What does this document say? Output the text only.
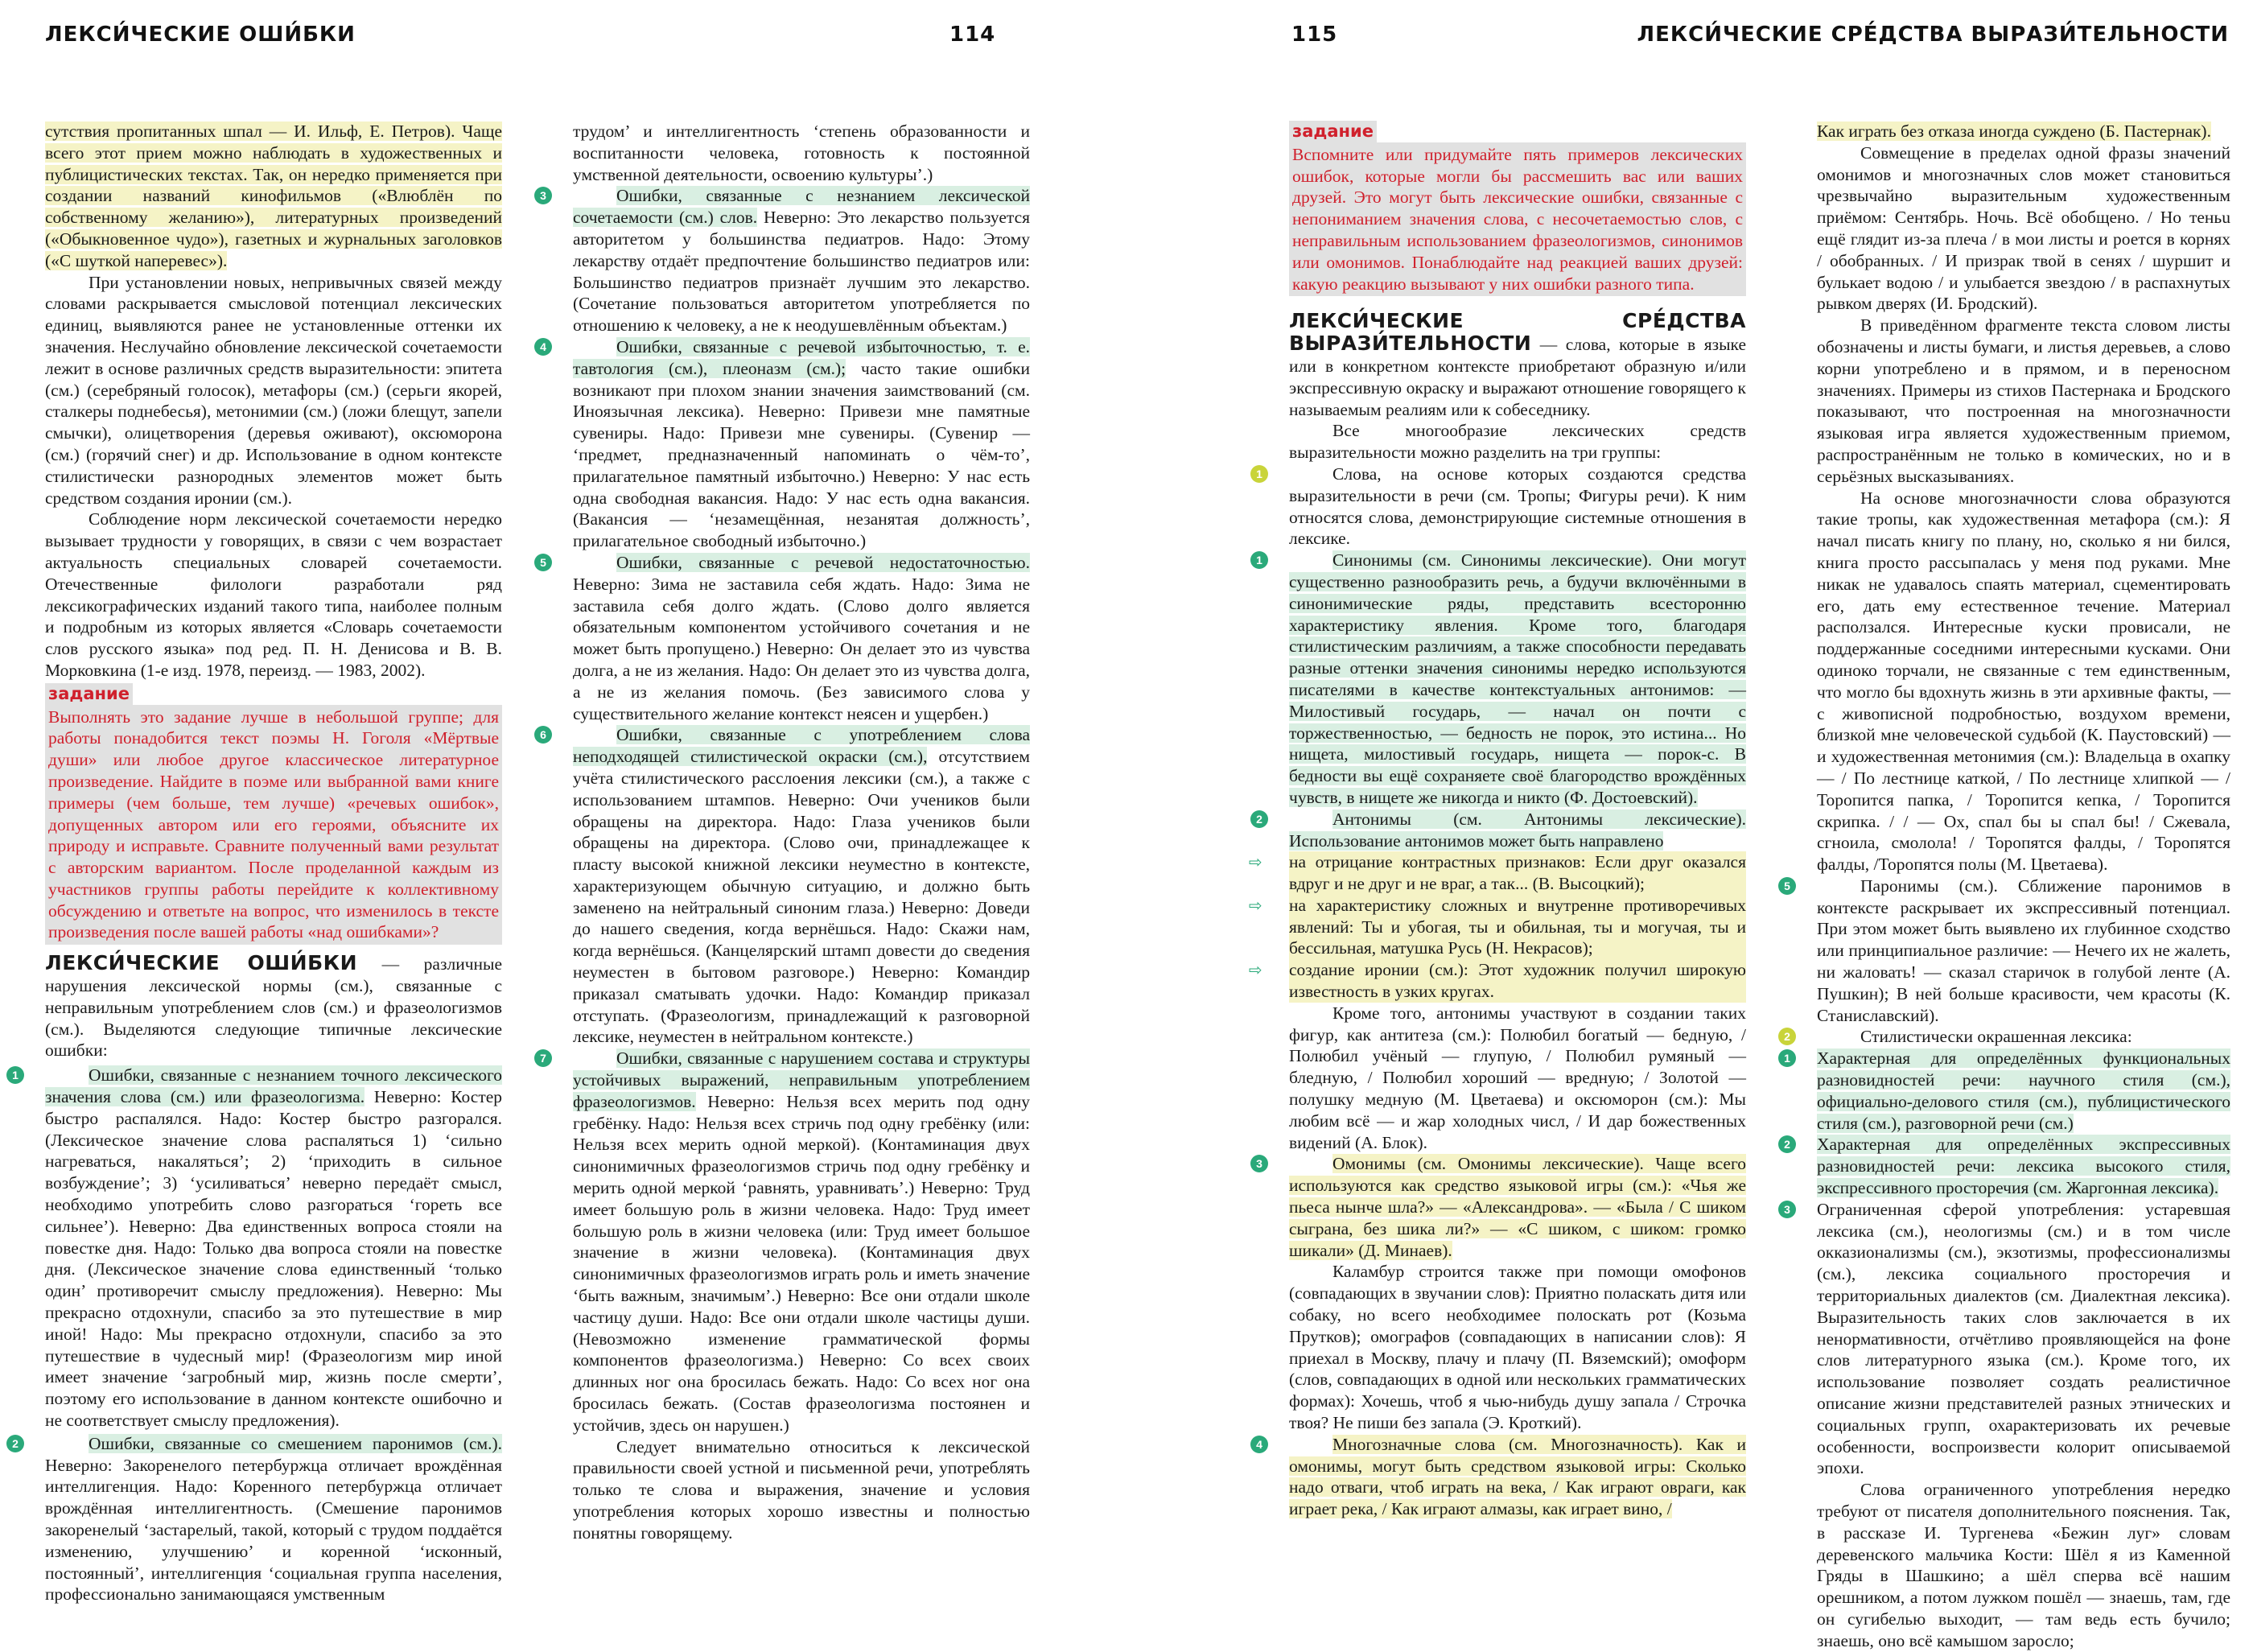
ЛЕКСИ́ЧЕСКИЕ ОШИ́БКИ	114	115	ЛЕКСИ́ЧЕСКИЕ СРЕ́ДСТВА ВЫРАЗИ́ТЕЛЬНОСТИ

сутствия пропитанных шпал — И. Ильф, Е. Петров). Чаще всего этот прием можно наблюдать в художественных и публицистических текстах. Так, он нередко применяется при создании названий кинофильмов («Влюблён по собственному желанию»), литературных произведений («Обыкновенное чудо»), газетных и журнальных заголовков («С шуткой наперевес»).

При установлении новых, непривычных связей между словами раскрывается смысловой потенциал лексических единиц, выявляются ранее не установленные оттенки их значения. Неслучайно обновление лексической сочетаемости лежит в основе различных средств выразительности: эпитета (см.) (серебряный голосок), метафоры (см.) (серьги якорей, сталкеры поднебесья), метонимии (см.) (ложи блещут, запели смычки), олицетворения (деревья оживают), оксюморона (см.) (горячий снег) и др. Использование в одном контексте стилистически разнородных элементов может быть средством создания иронии (см.).

Соблюдение норм лексической сочетаемости нередко вызывает трудности у говорящих, в связи с чем возрастает актуальность специальных словарей сочетаемости. Отечественные филологи разработали ряд лексикографических изданий такого типа, наиболее полным и подробным из которых является «Словарь сочетаемости слов русского языка» под ред. П. Н. Денисова и В. В. Морковкина (1-е изд. 1978, переизд. — 1983, 2002).

задание
Выполнять это задание лучше в небольшой группе; для работы понадобится текст поэмы Н. Гоголя «Мёртвые души» или любое другое классическое литературное произведение. Найдите в поэме или выбранной вами книге примеры (чем больше, тем лучше) «речевых ошибок», допущенных автором или его героями, объясните их природу и исправьте. Сравните полученный вами результат с авторским вариантом. После проделанной каждым из участников группы работы перейдите к коллективному обсуждению и ответьте на вопрос, что изменилось в тексте произведения после вашей работы «над ошибками»?

ЛЕКСИ́ЧЕСКИЕ ОШИ́БКИ — различные нарушения лексической нормы (см.), связанные с неправильным употреблением слов (см.) и фразеологизмов (см.). Выделяются следующие типичные лексические ошибки:

1	Ошибки, связанные с незнанием точного лексического значения слова (см.) или фразеологизма. Неверно: Костер быстро распалялся. Надо: Костер быстро разгорался. (Лексическое значение слова распаляться 1) ‘сильно нагреваться, накаляться’; 2) ‘приходить в сильное возбуждение’; 3) ‘усиливаться’ неверно передаёт смысл, необходимо употребить слово разгораться ‘гореть все сильнее’). Неверно: Два единственных вопроса стояли на повестке дня. Надо: Только два вопроса стояли на повестке дня. (Лексическое значение слова единственный ‘только один’ противоречит смыслу предложения). Неверно: Мы прекрасно отдохнули, спасибо за это путешествие в мир иной! Надо: Мы прекрасно отдохнули, спасибо за это путешествие в чудесный мир! (Фразеологизм мир иной имеет значение ‘загробный мир, жизнь после смерти’, поэтому его использование в данном контексте ошибочно и не соответствует смыслу предложения).

2	Ошибки, связанные со смешением паронимов (см.). Неверно: Закоренелого петербуржца отличает врождённая интеллигенция. Надо: Коренного петербуржца отличает врождённая интеллигентность. (Смешение паронимов закоренелый ‘застарелый, такой, который с трудом поддаётся изменению, улучшению’ и коренной ‘исконный, постоянный’, интеллигенция ‘социальная группа населения, профессионально занимающаяся умственным

трудом’ и интеллигентность ‘степень образованности и воспитанности человека, готовность к постоянной умственной деятельности, освоению культуры’.)

3	Ошибки, связанные с незнанием лексической сочетаемости (см.) слов. Неверно: Это лекарство пользуется авторитетом у большинства педиатров. Надо: Этому лекарству отдаёт предпочтение большинство педиатров или: Большинство педиатров признаёт лучшим это лекарство. (Сочетание пользоваться авторитетом употребляется по отношению к человеку, а не к неодушевлённым объектам.)

4	Ошибки, связанные с речевой избыточностью, т. е. тавтология (см.), плеоназм (см.); часто такие ошибки возникают при плохом знании значения заимствований (см. Иноязычная лексика). Неверно: Привези мне памятные сувениры. Надо: Привези мне сувениры. (Сувенир — ‘предмет, предназначенный напоминать о чём-то’, прилагательное памятный избыточно.) Неверно: У нас есть одна свободная вакансия. Надо: У нас есть одна вакансия. (Вакансия — ‘незамещённая, незанятая должность’, прилагательное свободный избыточно.)

5	Ошибки, связанные с речевой недостаточностью. Неверно: Зима не заставила себя ждать. Надо: Зима не заставила себя долго ждать. (Слово долго является обязательным компонентом устойчивого сочетания и не может быть пропущено.) Неверно: Он делает это из чувства долга, а не из желания. Надо: Он делает это из чувства долга, а не из желания помочь. (Без зависимого слова у существительного желание контекст неясен и ущербен.)

6	Ошибки, связанные с употреблением слова неподходящей стилистической окраски (см.), отсутствием учёта стилистического расслоения лексики (см.), а также с использованием штампов. Неверно: Очи учеников были обращены на директора. Надо: Глаза учеников были обращены на директора. (Слово очи, принадлежащее к пласту высокой книжной лексики неуместно в контексте, характеризующем обычную ситуацию, и должно быть заменено на нейтральный синоним глаза.) Неверно: Доведи до нашего сведения, когда вернёшься. Надо: Скажи нам, когда вернёшься. (Канцелярский штамп довести до сведения неуместен в бытовом разговоре.) Неверно: Командир приказал сматывать удочки. Надо: Командир приказал отступать. (Фразеологизм, принадлежащий к разговорной лексике, неуместен в нейтральном контексте.)

7	Ошибки, связанные с нарушением состава и структуры устойчивых выражений, неправильным употреблением фразеологизмов. Неверно: Нельзя всех мерить под одну гребёнку. Надо: Нельзя всех стричь под одну гребёнку (или: Нельзя всех мерить одной меркой). (Контаминация двух синонимичных фразеологизмов стричь под одну гребёнку и мерить одной меркой ‘равнять, уравнивать’.) Неверно: Труд имеет большую роль в жизни человека. Надо: Труд имеет большую роль в жизни человека (или: Труд имеет большое значение в жизни человека). (Контаминация двух синонимичных фразеологизмов играть роль и иметь значение ‘быть важным, значимым’.) Неверно: Все они отдали школе частицу души. Надо: Все они отдали школе частицы души. (Невозможно изменение грамматической формы компонентов фразеологизма.) Неверно: Со всех своих длинных ног она бросилась бежать. Надо: Со всех ног она бросилась бежать. (Состав фразеологизма постоянен и устойчив, здесь он нарушен.)

Следует внимательно относиться к лексической правильности своей устной и письменной речи, употреблять только те слова и выражения, значение и условия употребления которых хорошо известны и полностью понятны говорящему.

задание
Вспомните или придумайте пять примеров лексических ошибок, которые могли бы рассмешить вас или ваших друзей. Это могут быть лексические ошибки, связанные с непониманием значения слова, с несочетаемостью слов, с неправильным использованием фразеологизмов, синонимов или омонимов. Понаблюдайте над реакцией ваших друзей: какую реакцию вызывают у них ошибки разного типа.

ЛЕКСИ́ЧЕСКИЕ СРЕ́ДСТВА ВЫРАЗИ́ТЕЛЬНОСТИ — слова, которые в языке или в конкретном контексте приобретают образную и/или экспрессивную окраску и выражают отношение говорящего к называемым реалиям или к собеседнику.

Все многообразие лексических средств выразительности можно разделить на три группы:

1	Слова, на основе которых создаются средства выразительности в речи (см. Тропы; Фигуры речи). К ним относятся слова, демонстрирующие системные отношения в лексике.

1	Синонимы (см. Синонимы лексические). Они могут существенно разнообразить речь, а будучи включёнными в синонимические ряды, представить всесторонню характеристику явления. Кроме того, благодаря стилистическим различиям, а также способности передавать разные оттенки значения синонимы нередко используются писателями в качестве контекстуальных антонимов: — Милостивый государь, — начал он почти с торжественностью, — бедность не порок, это истина... Но нищета, милостивый государь, нищета — порок-с. В бедности вы ещё сохраняете своё благородство врождённых чувств, в нищете же никогда и никто (Ф. Достоевский).

2	Антонимы (см. Антонимы лексические). Использование антонимов может быть направлено

⇨ на отрицание контрастных признаков: Если друг оказался вдруг и не друг и не враг, а так... (В. Высоцкий);

⇨ на характеристику сложных и внутренне противоречивых явлений: Ты и убогая, ты и обильная, ты и могучая, ты и бессильная, матушка Русь (Н. Некрасов);

⇨ создание иронии (см.): Этот художник получил широкую известность в узких кругах.

Кроме того, антонимы участвуют в создании таких фигур, как антитеза (см.): Полюбил богатый — бедную, / Полюбил учёный — глупую, / Полюбил румяный — бледную, / Полюбил хороший — вредную; / Золотой — полушку медную (М. Цветаева) и оксюморон (см.): Мы любим всё — и жар холодных числ, / И дар божественных видений (А. Блок).

3	Омонимы (см. Омонимы лексические). Чаще всего используются как средство языковой игры (см.): «Чья же пьеса нынче шла?» — «Александрова». — «Была / С шиком сыграна, без шика ли?» — «С шиком, с шиком: громко шикали» (Д. Минаев).

Каламбур строится также при помощи омофонов (совпадающих в звучании слов): Приятно поласкать дитя или собаку, но всего необходимее полоскать рот (Козьма Прутков); омографов (совпадающих в написании слов): Я приехал в Москву, плачу и плачу (П. Вяземский); омоформ (слов, совпадающих в одной или нескольких грамматических формах): Хочешь, чтоб я чью-нибудь душу запала / Строчка твоя? Не пиши без запала (Э. Кроткий).

4	Многозначные слова (см. Многозначность). Как и омонимы, могут быть средством языковой игры: Сколько надо отваги, чтоб играть на века, / Как играют овраги, как играет река, / Как играют алмазы, как играет вино, /

Как играть без отказа иногда суждено (Б. Пастернак).

Совмещение в пределах одной фразы значений омонимов и многозначных слов может становиться чрезвычайно выразительным художественным приёмом: Сентябрь. Ночь. Всё обобщено. / Но теньu ещё глядит из-за плеча / в мои листы и роется в корнях / обобранных. / И призрак твой в сенях / шуршит и булькает водою / и улыбается звездою / в распахнутых рывком дверях (И. Бродский).

В приведённом фрагменте текста словом листы обозначены и листы бумаги, и листья деревьев, а слово корни употреблено и в прямом, и в переносном значениях. Примеры из стихов Пастернака и Бродского показывают, что построенная на многозначности языковая игра является художественным приемом, распространённым не только в комических, но и в серьёзных высказываниях.

На основе многозначности слова образуются такие тропы, как художественная метафора (см.): Я начал писать книгу по плану, но, сколько я ни бился, книга просто рассыпалась у меня под руками. Мне никак не удавалось спаять материал, сцементировать его, дать ему естественное течение. Материал расползался. Интересные куски провисали, не поддержанные соседними интересными кусками. Они одиноко торчали, не связанные с тем единственным, что могло бы вдохнуть жизнь в эти архивные факты, — с живописной подробностью, воздухом времени, близкой мне человеческой судьбой (К. Паустовский) — и художественная метонимия (см.): Владельца в охапку — / По лестнице каткой, / По лестнице хлипкой — / Торопится папка, / Торопится кепка, / Торопится скрипка. / / — Ох, спал бы ы спал бы! / Сжевала, сгноила, смолола! / Торопятся фалды, / Торопятся фалды, /Торопятся полы (М. Цветаева).

5	Паронимы (см.). Сближение паронимов в контексте раскрывает их экспрессивный потенциал. При этом может быть выявлено их глубинное сходство или принципиальное различие: — Нечего их не жалеть, ни жаловать! — сказал старичок в голубой ленте (А. Пушкин); В ней больше красивости, чем красоты (К. Станиславский).

2	Стилистически окрашенная лексика:

1	Характерная для определённых функциональных разновидностей речи: научного стиля (см.), официально-делового стиля (см.), публицистического стиля (см.), разговорной речи (см.)

2	Характерная для определённых экспрессивных разновидностей речи: лексика высокого стиля, экспрессивного просторечия (см. Жаргонная лексика).

3	Ограниченная сферой употребления: устаревшая лексика (см.), неологизмы (см.) и в том числе окказионализмы (см.), экзотизмы, профессионализмы (см.), лексика социального просторечия и территориальных диалектов (см. Диалектная лексика). Выразительность таких слов заключается в их ненормативности, отчётливо проявляющейся на фоне слов литературного языка (см.). Кроме того, их использование позволяет создать реалистичное описание жизни представителей разных этнических и социальных групп, охарактеризовать их речевые особенности, воспроизвести колорит описываемой эпохи.

Слова ограниченного употребления нередко требуют от писателя дополнительного пояснения. Так, в рассказе И. Тургенева «Бежин луг» словам деревенского мальчика Кости: Шёл я из Каменной Гряды в Шашкино; а шёл сперва всё нашим орешником, а потом лужком пошёл — знаешь, там, где он сугибелью выходит, — там ведь есть бучило; знаешь, оно всё камышом заросло;
